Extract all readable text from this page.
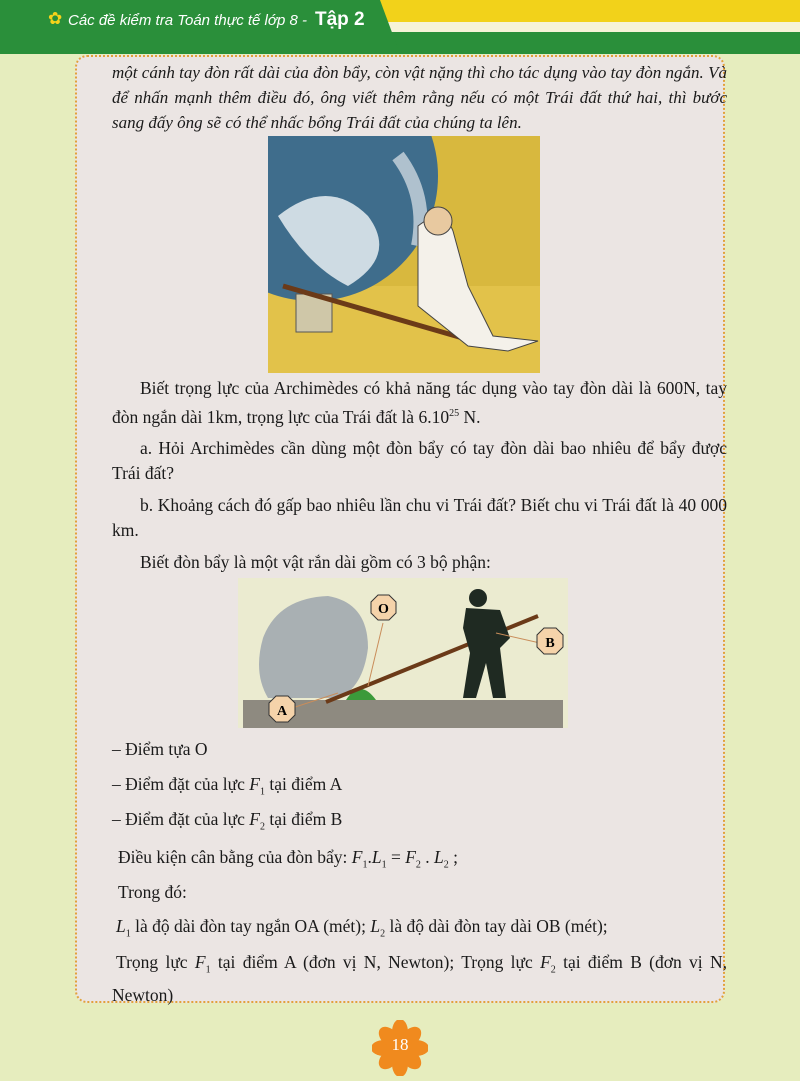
✿
Các đề kiểm tra Toán thực tế lớp 8 - Tập 2
một cánh tay đòn rất dài của đòn bẩy, còn vật nặng thì cho tác dụng vào tay đòn ngắn. Và để nhấn mạnh thêm điều đó, ông viết thêm rằng nếu có một Trái đất thứ hai, thì bước sang đấy ông sẽ có thể nhấc bổng Trái đất của chúng ta lên.
Biết trọng lực của Archimèdes có khả năng tác dụng vào tay đòn dài là 600N, tay đòn ngắn dài 1km, trọng lực của Trái đất là 6.10$^{25}$ N.
a. Hỏi Archimèdes cần dùng một đòn bẩy có tay đòn dài bao nhiêu để bẩy được Trái đất?
b. Khoảng cách đó gấp bao nhiêu lần chu vi Trái đất? Biết chu vi Trái đất là 40 000 km.
Biết đòn bẩy là một vật rắn dài gồm có 3 bộ phận:
O
A
B
– Điểm tựa O
– Điểm đặt của lực $F_1$ tại điểm A
– Điểm đặt của lực $F_2$ tại điểm B
Điều kiện cân bằng của đòn bẩy: $F_1.L_1 = F_2$ . $L_2$ ;
Trong đó:
$L_1$ là độ dài đòn tay ngắn OA (mét); $L_2$ là độ dài đòn tay dài OB (mét);
Trọng lực $F_1$ tại điểm A (đơn vị N, Newton); Trọng lực $F_2$ tại điểm B (đơn vị N, Newton)
18
